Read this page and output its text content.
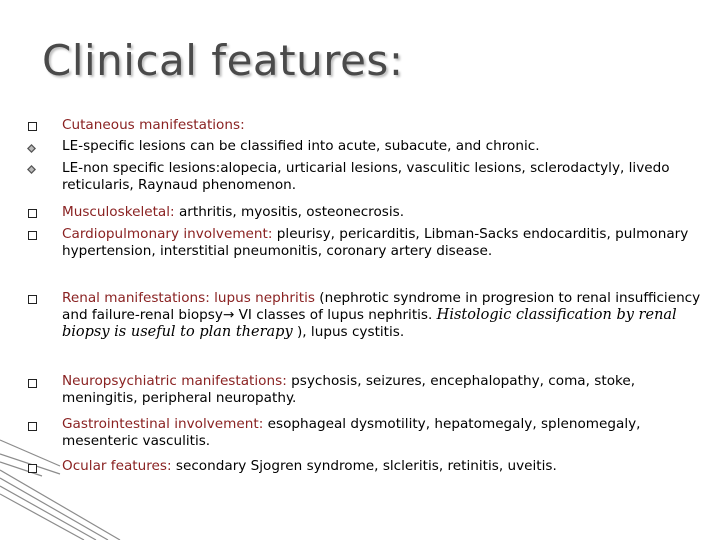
Clinical features:
Cutaneous manifestations:
LE-specific lesions can be classified into acute, subacute, and chronic.
LE-non specific lesions:alopecia, urticarial lesions, vasculitic lesions, sclerodactyly, livedo reticularis, Raynaud phenomenon.
Musculoskeletal: arthritis, myositis, osteonecrosis.
Cardiopulmonary involvement: pleurisy, pericarditis, Libman-Sacks endocarditis, pulmonary hypertension, interstitial pneumonitis, coronary artery disease.
Renal manifestations: lupus nephritis (nephrotic syndrome in progresion to renal insufficiency and failure-renal biopsy→ VI classes of lupus nephritis. Histologic classification by renal biopsy is useful to plan therapy ), lupus cystitis.
Neuropsychiatric manifestations: psychosis, seizures, encephalopathy, coma, stoke, meningitis, peripheral neuropathy.
Gastrointestinal involvement: esophageal dysmotility, hepatomegaly, splenomegaly, mesenteric vasculitis.
Ocular features: secondary Sjogren syndrome, slcleritis, retinitis, uveitis.
